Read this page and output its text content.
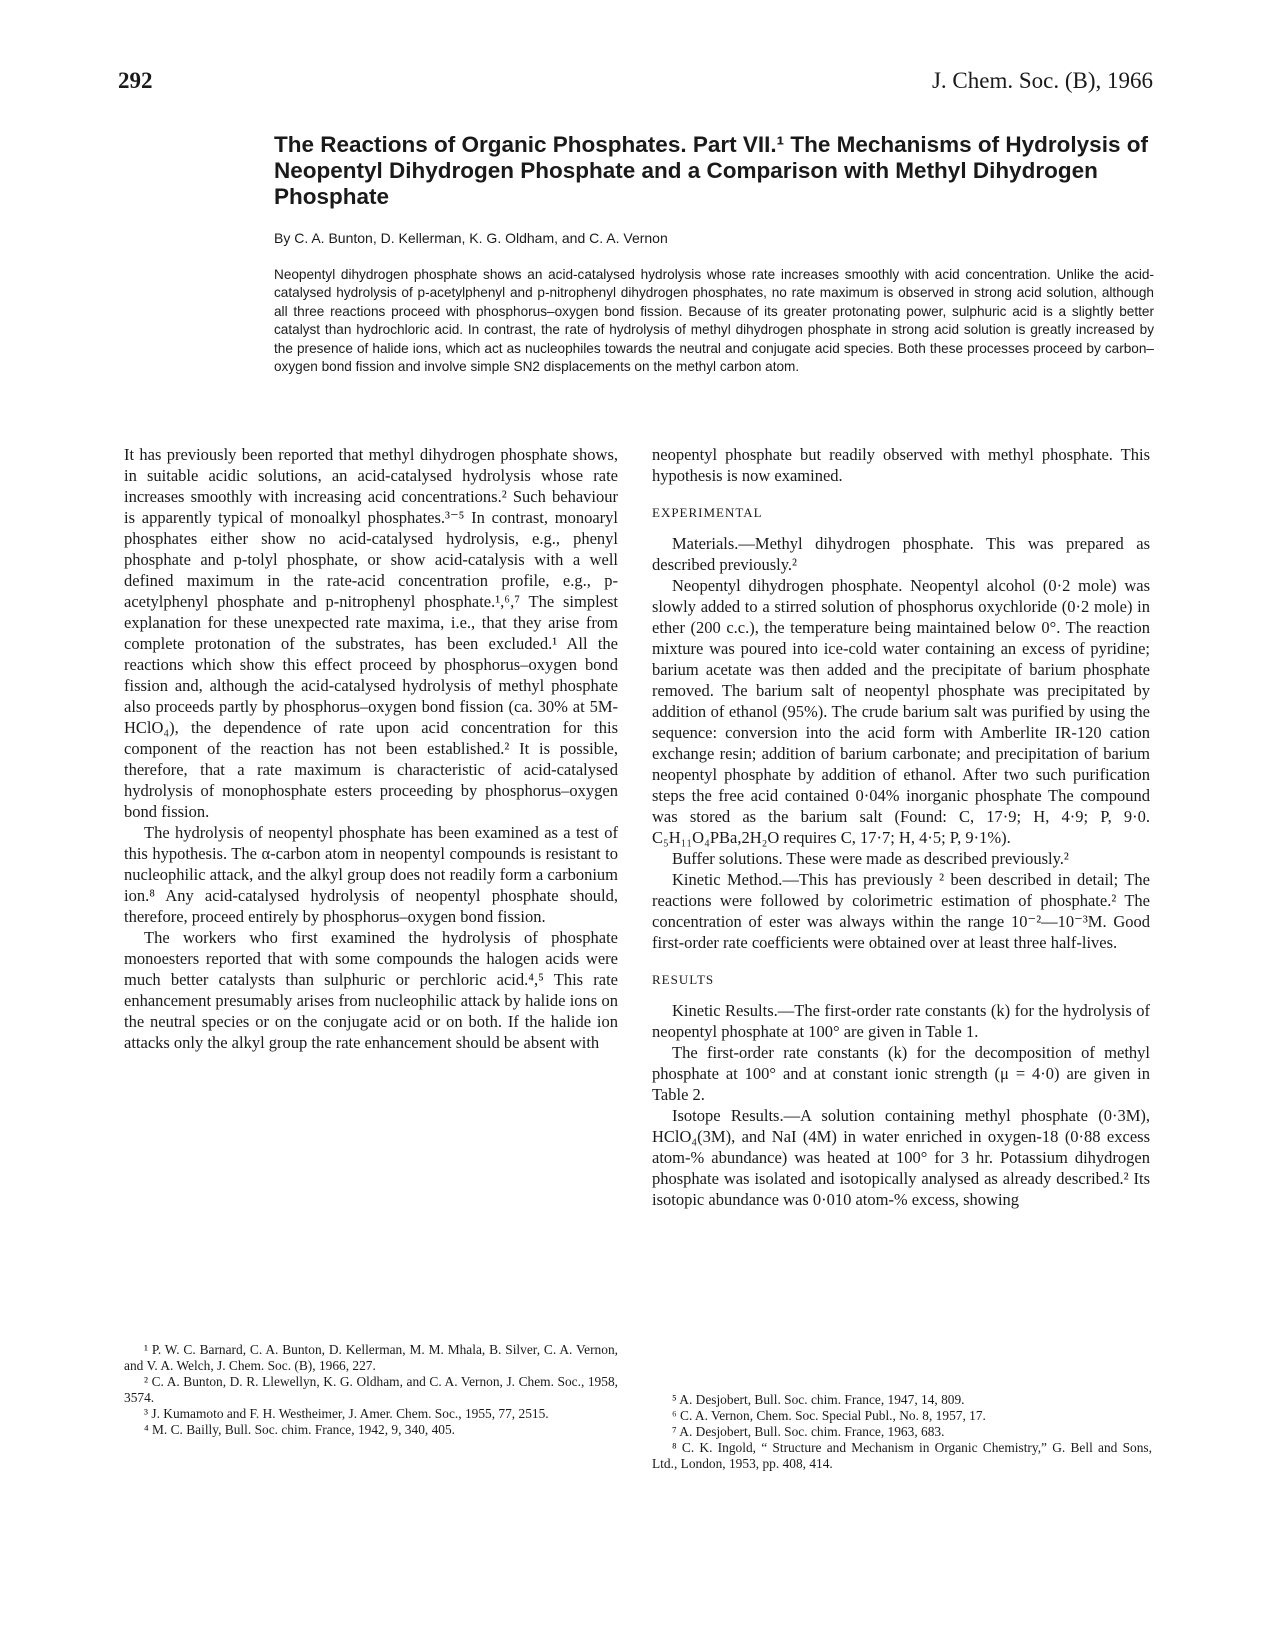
292	J. Chem. Soc. (B), 1966
The Reactions of Organic Phosphates. Part VII.¹ The Mechanisms of Hydrolysis of Neopentyl Dihydrogen Phosphate and a Comparison with Methyl Dihydrogen Phosphate
By C. A. Bunton, D. Kellerman, K. G. Oldham, and C. A. Vernon

Neopentyl dihydrogen phosphate shows an acid-catalysed hydrolysis whose rate increases smoothly with acid concentration. Unlike the acid-catalysed hydrolysis of p-acetylphenyl and p-nitrophenyl dihydrogen phosphates, no rate maximum is observed in strong acid solution, although all three reactions proceed with phosphorus–oxygen bond fission. Because of its greater protonating power, sulphuric acid is a slightly better catalyst than hydrochloric acid. In contrast, the rate of hydrolysis of methyl dihydrogen phosphate in strong acid solution is greatly increased by the presence of halide ions, which act as nucleophiles towards the neutral and conjugate acid species. Both these processes proceed by carbon–oxygen bond fission and involve simple SN2 displacements on the methyl carbon atom.

It has previously been reported that methyl dihydrogen phosphate shows, in suitable acidic solutions, an acid-catalysed hydrolysis whose rate increases smoothly with increasing acid concentrations.² Such behaviour is apparently typical of monoalkyl phosphates.³⁻⁵ In contrast, monoaryl phosphates either show no acid-catalysed hydrolysis, e.g., phenyl phosphate and p-tolyl phosphate, or show acid-catalysis with a well defined maximum in the rate-acid concentration profile, e.g., p-acetylphenyl phosphate and p-nitrophenyl phosphate.¹,⁶,⁷ The simplest explanation for these unexpected rate maxima, i.e., that they arise from complete protonation of the substrates, has been excluded.¹ All the reactions which show this effect proceed by phosphorus–oxygen bond fission and, although the acid-catalysed hydrolysis of methyl phosphate also proceeds partly by phosphorus–oxygen bond fission (ca. 30% at 5M-HClO₄), the dependence of rate upon acid concentration for this component of the reaction has not been established.² It is possible, therefore, that a rate maximum is characteristic of acid-catalysed hydrolysis of monophosphate esters proceeding by phosphorus–oxygen bond fission.

The hydrolysis of neopentyl phosphate has been examined as a test of this hypothesis. The α-carbon atom in neopentyl compounds is resistant to nucleophilic attack, and the alkyl group does not readily form a carbonium ion.⁸ Any acid-catalysed hydrolysis of neopentyl phosphate should, therefore, proceed entirely by phosphorus–oxygen bond fission.

The workers who first examined the hydrolysis of phosphate monoesters reported that with some compounds the halogen acids were much better catalysts than sulphuric or perchloric acid.⁴,⁵ This rate enhancement presumably arises from nucleophilic attack by halide ions on the neutral species or on the conjugate acid or on both. If the halide ion attacks only the alkyl group the rate enhancement should be absent with

neopentyl phosphate but readily observed with methyl phosphate. This hypothesis is now examined.

EXPERIMENTAL

Materials.—Methyl dihydrogen phosphate. This was prepared as described previously.²

Neopentyl dihydrogen phosphate. Neopentyl alcohol (0·2 mole) was slowly added to a stirred solution of phosphorus oxychloride (0·2 mole) in ether (200 c.c.), the temperature being maintained below 0°. The reaction mixture was poured into ice-cold water containing an excess of pyridine; barium acetate was then added and the precipitate of barium phosphate removed. The barium salt of neopentyl phosphate was precipitated by addition of ethanol (95%). The crude barium salt was purified by using the sequence: conversion into the acid form with Amberlite IR-120 cation exchange resin; addition of barium carbonate; and precipitation of barium neopentyl phosphate by addition of ethanol. After two such purification steps the free acid contained 0·04% inorganic phosphate The compound was stored as the barium salt (Found: C, 17·9; H, 4·9; P, 9·0. C₅H₁₁O₄PBa,2H₂O requires C, 17·7; H, 4·5; P, 9·1%).

Buffer solutions. These were made as described previously.²

Kinetic Method.—This has previously ² been described in detail; The reactions were followed by colorimetric estimation of phosphate.² The concentration of ester was always within the range 10⁻²—10⁻³M. Good first-order rate coefficients were obtained over at least three half-lives.

RESULTS

Kinetic Results.—The first-order rate constants (k) for the hydrolysis of neopentyl phosphate at 100° are given in Table 1.

The first-order rate constants (k) for the decomposition of methyl phosphate at 100° and at constant ionic strength (μ = 4·0) are given in Table 2.

Isotope Results.—A solution containing methyl phosphate (0·3M), HClO₄(3M), and NaI (4M) in water enriched in oxygen-18 (0·88 excess atom-% abundance) was heated at 100° for 3 hr. Potassium dihydrogen phosphate was isolated and isotopically analysed as already described.² Its isotopic abundance was 0·010 atom-% excess, showing

¹ P. W. C. Barnard, C. A. Bunton, D. Kellerman, M. M. Mhala, B. Silver, C. A. Vernon, and V. A. Welch, J. Chem. Soc. (B), 1966, 227.

² C. A. Bunton, D. R. Llewellyn, K. G. Oldham, and C. A. Vernon, J. Chem. Soc., 1958, 3574.

³ J. Kumamoto and F. H. Westheimer, J. Amer. Chem. Soc., 1955, 77, 2515.

⁴ M. C. Bailly, Bull. Soc. chim. France, 1942, 9, 340, 405.

⁵ A. Desjobert, Bull. Soc. chim. France, 1947, 14, 809.

⁶ C. A. Vernon, Chem. Soc. Special Publ., No. 8, 1957, 17.

⁷ A. Desjobert, Bull. Soc. chim. France, 1963, 683.

⁸ C. K. Ingold, “ Structure and Mechanism in Organic Chemistry,” G. Bell and Sons, Ltd., London, 1953, pp. 408, 414.
